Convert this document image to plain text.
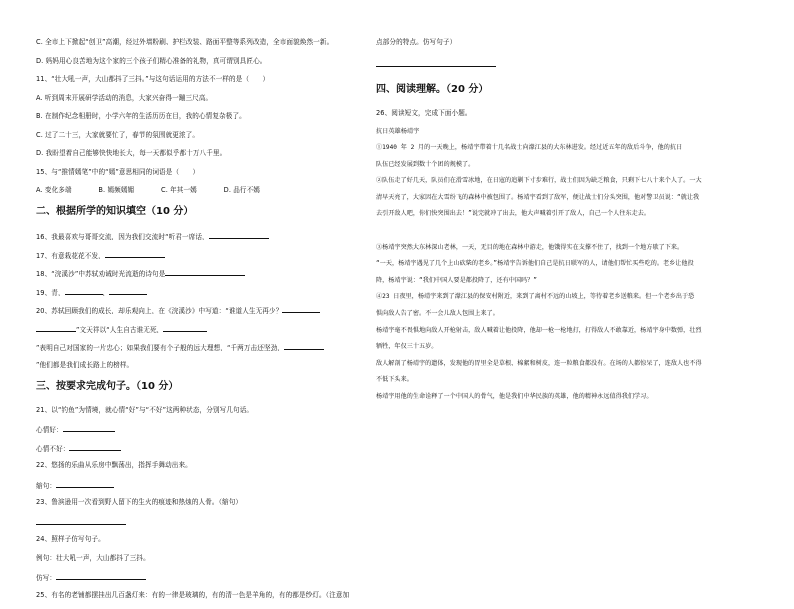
C. 全市上下掀起“创卫”高潮，经过外墙粉刷、护栏改装、路面平整等系列改造，全市面貌焕然一新。
D. 妈妈用心良苦地为这个家的三个孩子们精心准备的礼物，真可谓别具匠心。
11、“壮大吼一声，大山都抖了三抖。”与这句话运用的方法不一样的是（　　）
A. 听到周末开展研学活动的消息，大家兴奋得一蹦三尺高。
B. 在制作纪念相册时，小学六年的生活历历在目，我的心情复杂极了。
C. 过了二十三，大家就要忙了，春节的氛围就更浓了。
D. 我盼望着自己能够快快地长大，每一天都似乎都十万八千里。
15、与“推情嫣笔”中的“嫣”意思相同的词语是（　　）
A. 变化多端　　　　B. 嫣频嫣媚　　　　C. 年其一嫣　　　　D. 品行不嫣
二、根据所学的知识填空（10 分）
16、我最喜欢与哥哥交流，因为我们交流时“听君一席话，
17、有意栽花花不发，
18、“浣溪沙”中苏轼劝诫时光流逝的诗句是
19、青，	，
20、苏轼回顾我们的成长，却乐观向上，在《浣溪沙》中写道：“谁道人生无再少？
”文天祥以“人生自古谁无死，
”表明自己对国家的一片忠心；如果我们要有个子般的远大理想，“千两万击还坚劲，
”他们都是我们成长路上的榜样。
三、按要求完成句子。（10 分）
21、以“钓鱼”为情境，就心情“好”与“不好”这两种状态，分别写几句话。
心情好：
心情不好：
22、悠扬的乐曲从乐房中飘荡出，指挥手舞动出来。
缩句：
23、鲁滨逊用一次看到野人留下的生火的痕迹和热烛的人骨。（缩句）
24、照样子仿写句子。
例句：壮大吼一声，大山都抖了三抖。
仿写：
25、有名的老铺都摆挂出几百盏灯来：有的一律是玻璃的，有的清一色是羊角的，有的都是纱灯。（注意加
点部分的特点。仿写句子）
四、阅读理解。（20 分）
26、阅读短文，完成下面小题。
抗日英雄杨靖宇
①1940 年 2 月的一天晚上，杨靖宇带着十几名战士向濛江县的大东林进发。经过近五年的敌后斗争，他的抗日
队伍已经发展到数十个团的规模了。
②队伍走了好几天，队员们在滑雪冰地，在日寇的追剿下寸步难行，战士们因为缺乏粮食，只剩下七八十来个人了。一大
清早天亮了，大家因在大雪纷飞的森林中被包围了。杨靖宇看到了敌军，便让战士们分头突围，他对警卫员说：“就让我
去引开敌人吧，你们快突围出去！”说完就冲了出去，他大声喊着引开了敌人，自己一个人往东走去。
③杨靖宇突然大东林深山老林，一天，无目的地在森林中游走，他饿得实在支撑不住了，找到一个地方歇了下来。
“一天，杨靖宇遇见了几个上山砍柴的老乡。”杨靖宇告诉他们自己是抗日联军的人，请他们帮忙买些吃的。老乡让他投
降，杨靖宇说：“我们中国人要是都投降了，还有中国吗？”
④23 日夜里，杨靖宇来到了濛江县的保安村附近，来到了离村不远的山坡上，等待着老乡送粮来。但一个老乡出于恐
惧向敌人告了密。不一会儿敌人包围上来了。
杨靖宇毫不畏惧地向敌人开枪射击，敌人喊着让他投降，他却一枪一枪地打，打得敌人不敢靠近，杨靖宇身中数弹，壮烈
牺牲，年仅三十五岁。
敌人解剖了杨靖宇的遗体，发现他的胃里全是草根、棉絮和树皮，连一粒粮食都没有。在场的人都惊呆了，连敌人也不得
不低下头来。
杨靖宇用他的生命诠释了一个中国人的骨气，他是我们中华民族的英雄，他的精神永远值得我们学习。
